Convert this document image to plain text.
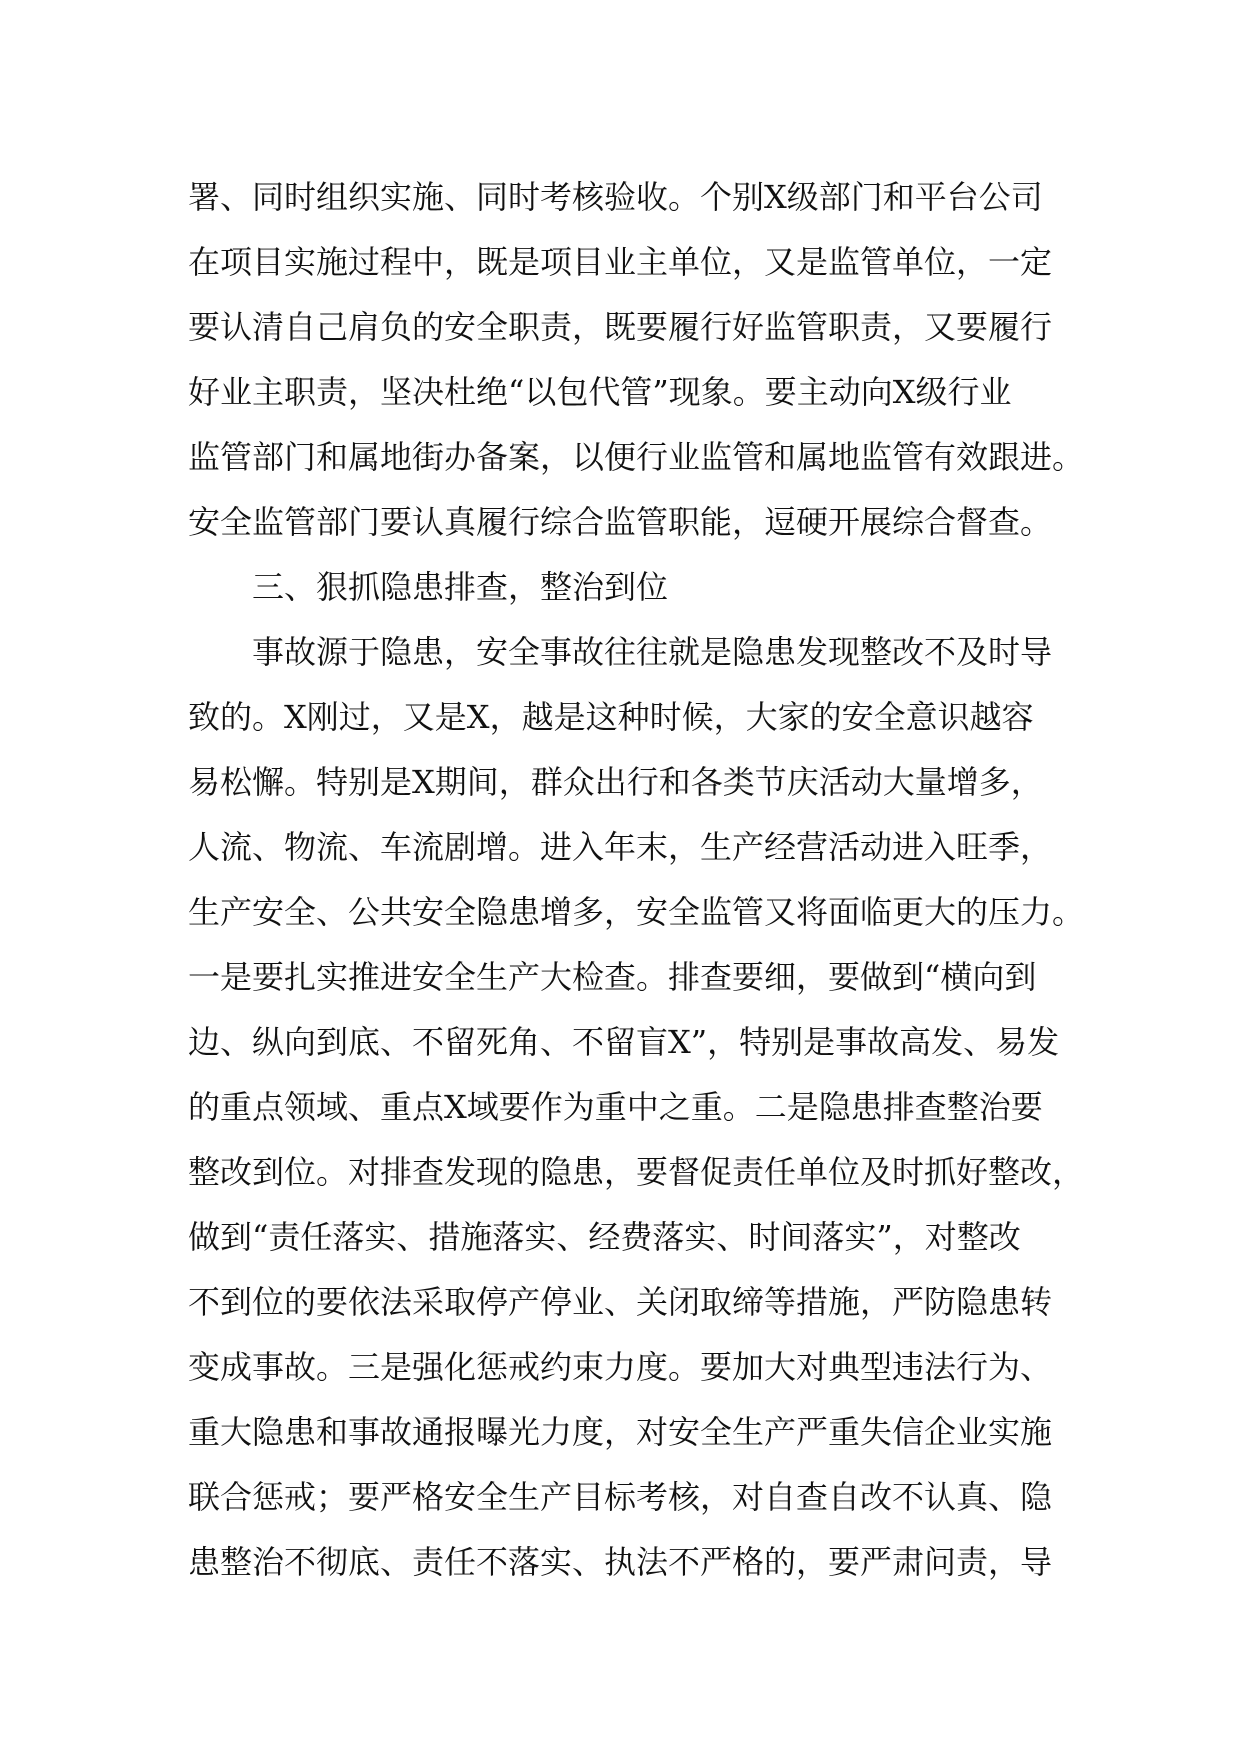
署、同时组织实施、同时考核验收。个别X级部门和平台公司
在项目实施过程中，既是项目业主单位，又是监管单位，一定
要认清自己肩负的安全职责，既要履行好监管职责，又要履行
好业主职责，坚决杜绝“以包代管”现象。要主动向X级行业
监管部门和属地街办备案，以便行业监管和属地监管有效跟进。
安全监管部门要认真履行综合监管职能，逗硬开展综合督查。
三、狠抓隐患排查，整治到位
事故源于隐患，安全事故往往就是隐患发现整改不及时导
致的。X刚过，又是X，越是这种时候，大家的安全意识越容
易松懈。特别是X期间，群众出行和各类节庆活动大量增多，
人流、物流、车流剧增。进入年末，生产经营活动进入旺季，
生产安全、公共安全隐患增多，安全监管又将面临更大的压力。
一是要扎实推进安全生产大检查。排查要细，要做到“横向到
边、纵向到底、不留死角、不留盲X”，特别是事故高发、易发
的重点领域、重点X域要作为重中之重。二是隐患排查整治要
整改到位。对排查发现的隐患，要督促责任单位及时抓好整改，
做到“责任落实、措施落实、经费落实、时间落实”，对整改
不到位的要依法采取停产停业、关闭取缔等措施，严防隐患转
变成事故。三是强化惩戒约束力度。要加大对典型违法行为、
重大隐患和事故通报曝光力度，对安全生产严重失信企业实施
联合惩戒；要严格安全生产目标考核，对自查自改不认真、隐
患整治不彻底、责任不落实、执法不严格的，要严肃问责，导
